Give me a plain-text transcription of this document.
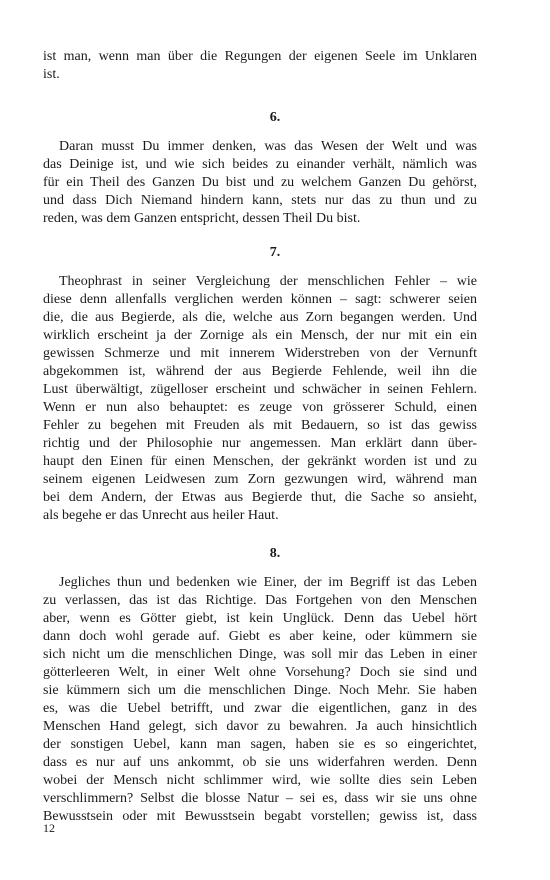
ist man, wenn man über die Regungen der eigenen Seele im Unklaren
ist.
6.
Daran musst Du immer denken, was das Wesen der Welt und was
das Deinige ist, und wie sich beides zu einander verhält, nämlich was
für ein Theil des Ganzen Du bist und zu welchem Ganzen Du gehörst,
und dass Dich Niemand hindern kann, stets nur das zu thun und zu
reden, was dem Ganzen entspricht, dessen Theil Du bist.
7.
Theophrast in seiner Vergleichung der menschlichen Fehler – wie
diese denn allenfalls verglichen werden können – sagt: schwerer seien
die, die aus Begierde, als die, welche aus Zorn begangen werden. Und
wirklich erscheint ja der Zornige als ein Mensch, der nur mit ein ein
gewissen Schmerze und mit innerem Widerstreben von der Vernunft
abgekommen ist, während der aus Begierde Fehlende, weil ihn die
Lust überwältigt, zügelloser erscheint und schwächer in seinen Fehlern.
Wenn er nun also behauptet: es zeuge von grösserer Schuld, einen
Fehler zu begehen mit Freuden als mit Bedauern, so ist das gewiss
richtig und der Philosophie nur angemessen. Man erklärt dann über-
haupt den Einen für einen Menschen, der gekränkt worden ist und zu
seinem eigenen Leidwesen zum Zorn gezwungen wird, während man
bei dem Andern, der Etwas aus Begierde thut, die Sache so ansieht,
als begehe er das Unrecht aus heiler Haut.
8.
Jegliches thun und bedenken wie Einer, der im Begriff ist das Leben
zu verlassen, das ist das Richtige. Das Fortgehen von den Menschen
aber, wenn es Götter giebt, ist kein Unglück. Denn das Uebel hört
dann doch wohl gerade auf. Giebt es aber keine, oder kümmern sie
sich nicht um die menschlichen Dinge, was soll mir das Leben in einer
götterleeren Welt, in einer Welt ohne Vorsehung? Doch sie sind und
sie kümmern sich um die menschlichen Dinge. Noch Mehr. Sie haben
es, was die Uebel betrifft, und zwar die eigentlichen, ganz in des
Menschen Hand gelegt, sich davor zu bewahren. Ja auch hinsichtlich
der sonstigen Uebel, kann man sagen, haben sie es so eingerichtet,
dass es nur auf uns ankommt, ob sie uns widerfahren werden. Denn
wobei der Mensch nicht schlimmer wird, wie sollte dies sein Leben
verschlimmern? Selbst die blosse Natur – sei es, dass wir sie uns ohne
Bewusstsein oder mit Bewusstsein begabt vorstellen; gewiss ist, dass
12
